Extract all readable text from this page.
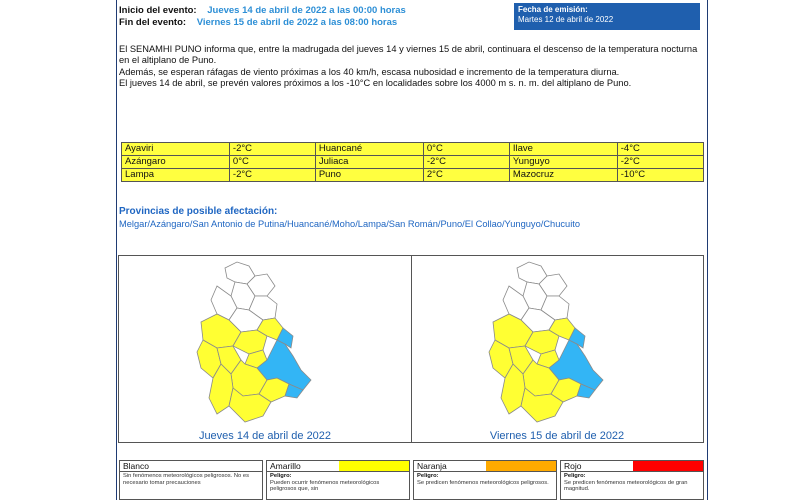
Inicio del evento: Jueves 14 de abril de 2022 a las 00:00 horas
Fin del evento: Viernes 15 de abril de 2022 a las 08:00 horas
Fecha de emisión:
Martes 12 de abril de 2022

El SENAMHI PUNO informa que, entre la madrugada del jueves 14 y viernes 15 de abril, continuara el descenso de la temperatura nocturna en el altiplano de Puno.

Además, se esperan ráfagas de viento próximas a los 40 km/h, escasa nubosidad e incremento de la temperatura diurna.

El jueves 14 de abril, se prevén valores próximos a los -10°C en localidades sobre los 4000 m s. n. m. del altiplano de Puno.

Ayaviri	-2°C	Huancané	0°C	Ilave	-4°C
Azángaro	0°C	Juliaca	-2°C	Yunguyo	-2°C
Lampa	-2°C	Puno	2°C	Mazocruz	-10°C
Provincias de posible afectación:
Melgar/Azángaro/San Antonio de Putina/Huancané/Moho/Lampa/San Román/Puno/El Collao/Yunguyo/Chucuito
Jueves 14 de abril de 2022	Viernes 15 de abril de 2022
Blanco
Sin fenómenos meteorológicos peligrosos. No es necesario tomar precauciones
Amarillo
Peligro:
Pueden ocurrir fenómenos meteorológicos peligrosos que, sin
Naranja
Peligro:
Se predicen fenómenos meteorológicos peligrosos.
Rojo
Peligro:
Se predicen fenómenos meteorológicos de gran magnitud.
